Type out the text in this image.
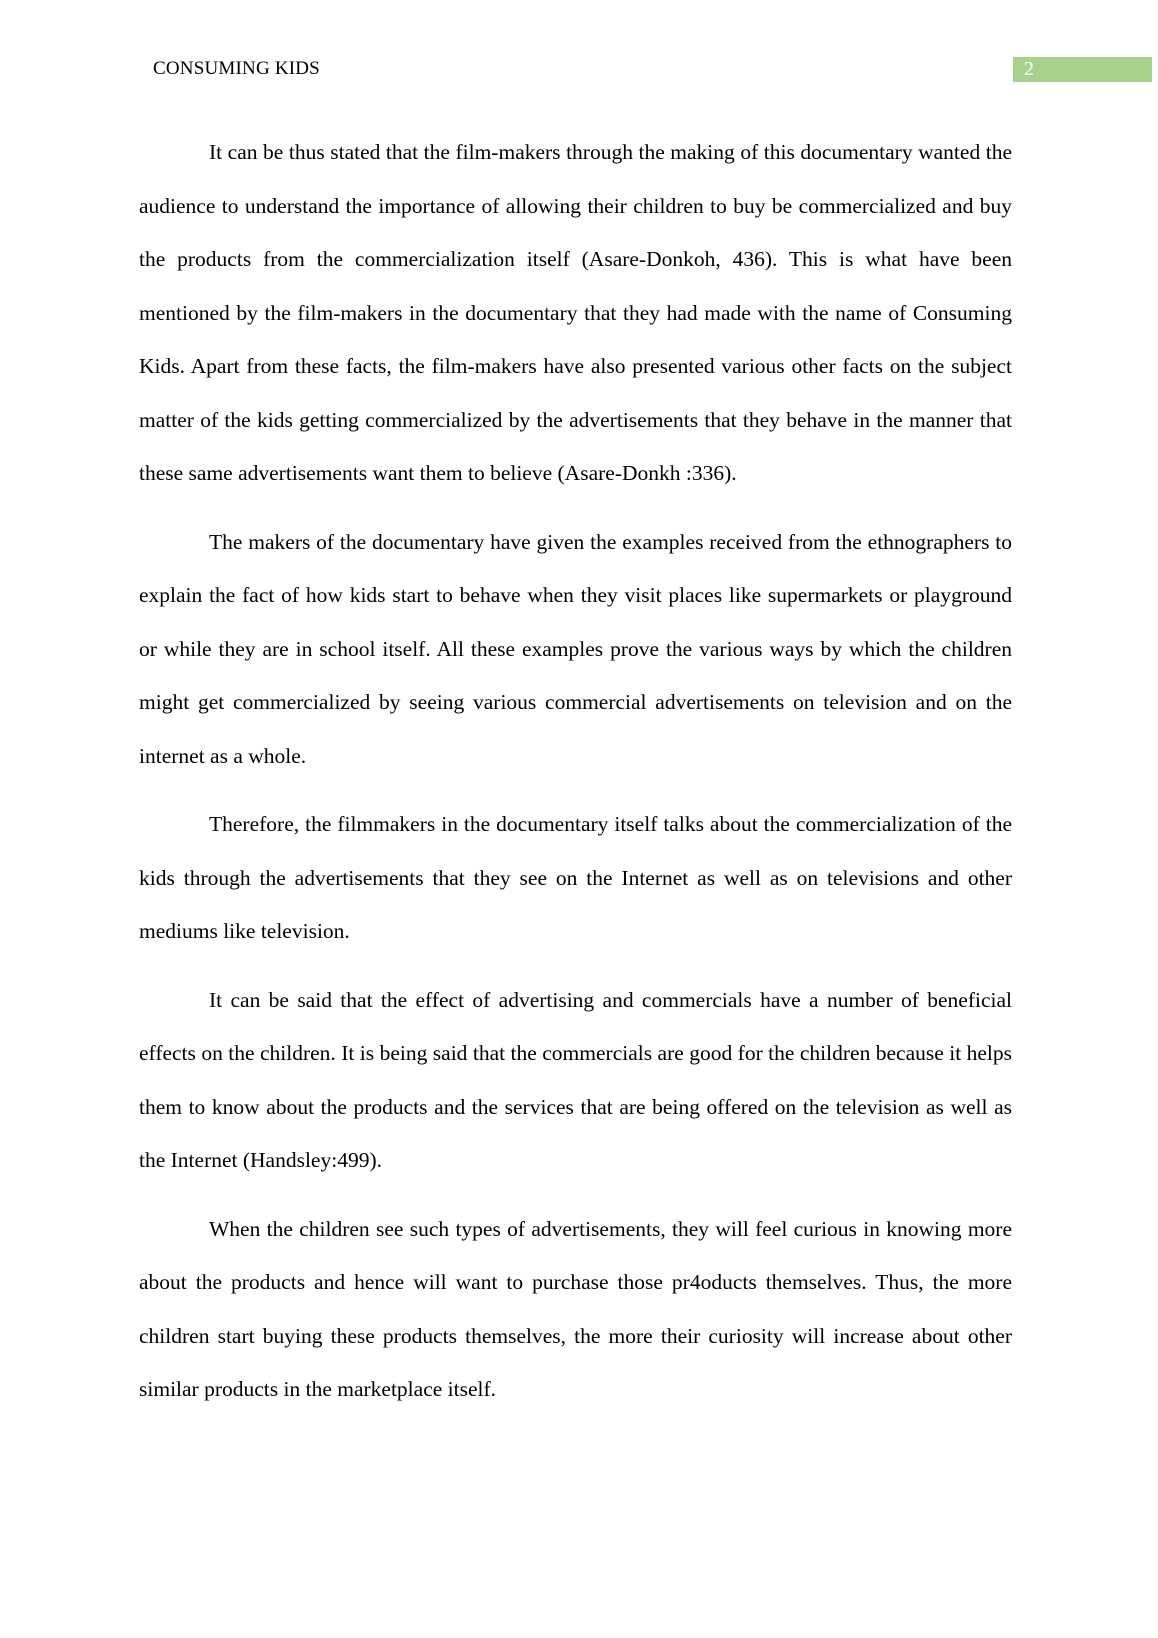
CONSUMING KIDS	2

It can be thus stated that the film-makers through the making of this documentary wanted the audience to understand the importance of allowing their children to buy be commercialized and buy the products from the commercialization itself (Asare-Donkoh, 436). This is what have been mentioned by the film-makers in the documentary that they had made with the name of Consuming Kids. Apart from these facts, the film-makers have also presented various other facts on the subject matter of the kids getting commercialized by the advertisements that they behave in the manner that these same advertisements want them to believe (Asare-Donkh :336).

The makers of the documentary have given the examples received from the ethnographers to explain the fact of how kids start to behave when they visit places like supermarkets or playground or while they are in school itself. All these examples prove the various ways by which the children might get commercialized by seeing various commercial advertisements on television and on the internet as a whole.

Therefore, the filmmakers in the documentary itself talks about the commercialization of the kids through the advertisements that they see on the Internet as well as on televisions and other mediums like television.

It can be said that the effect of advertising and commercials have a number of beneficial effects on the children. It is being said that the commercials are good for the children because it helps them to know about the products and the services that are being offered on the television as well as the Internet (Handsley:499).

When the children see such types of advertisements, they will feel curious in knowing more about the products and hence will want to purchase those pr4oducts themselves. Thus, the more children start buying these products themselves, the more their curiosity will increase about other similar products in the marketplace itself.
